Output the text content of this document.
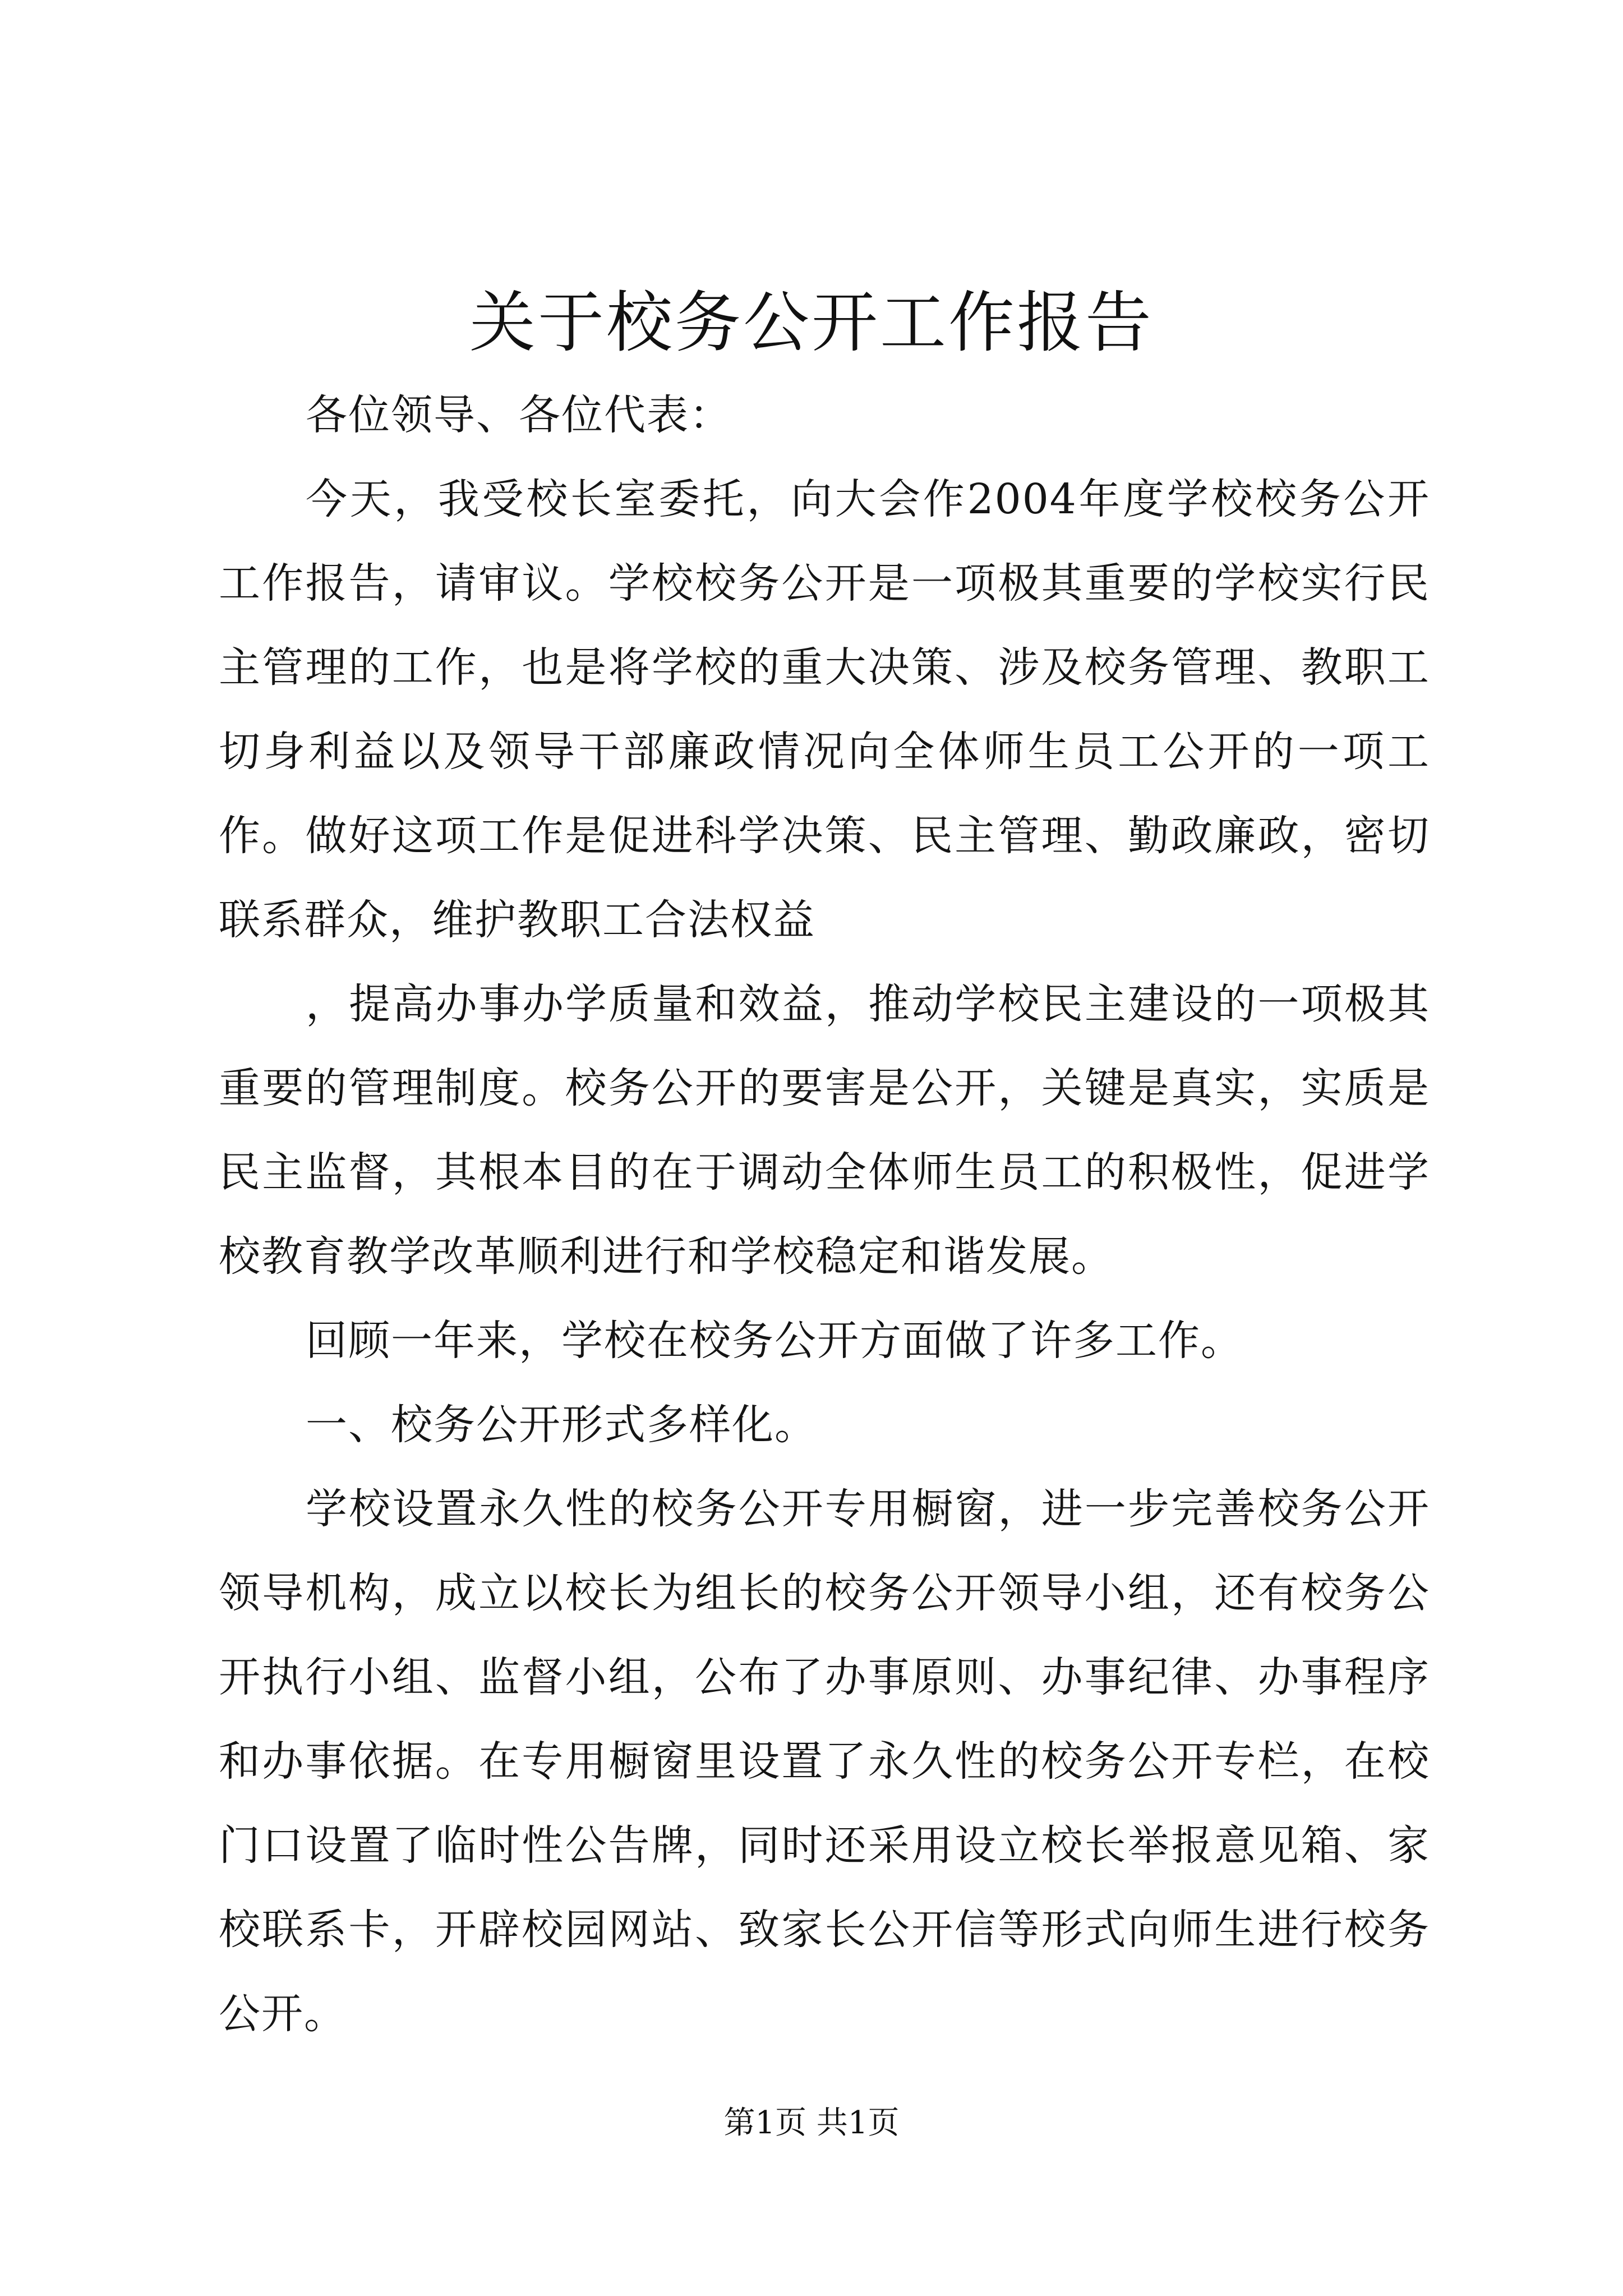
关于校务公开工作报告

各位领导、各位代表：

今天，我受校长室委托，向大会作2004年度学校校务公开工作报告，请审议。学校校务公开是一项极其重要的学校实行民主管理的工作，也是将学校的重大决策、涉及校务管理、教职工切身利益以及领导干部廉政情况向全体师生员工公开的一项工作。做好这项工作是促进科学决策、民主管理、勤政廉政，密切联系群众，维护教职工合法权益

，提高办事办学质量和效益，推动学校民主建设的一项极其重要的管理制度。校务公开的要害是公开，关键是真实，实质是民主监督，其根本目的在于调动全体师生员工的积极性，促进学校教育教学改革顺利进行和学校稳定和谐发展。

回顾一年来，学校在校务公开方面做了许多工作。

一、校务公开形式多样化。

学校设置永久性的校务公开专用橱窗，进一步完善校务公开领导机构，成立以校长为组长的校务公开领导小组，还有校务公开执行小组、监督小组，公布了办事原则、办事纪律、办事程序和办事依据。在专用橱窗里设置了永久性的校务公开专栏，在校门口设置了临时性公告牌，同时还采用设立校长举报意见箱、家校联系卡，开辟校园网站、致家长公开信等形式向师生进行校务公开。

第1页 共1页
